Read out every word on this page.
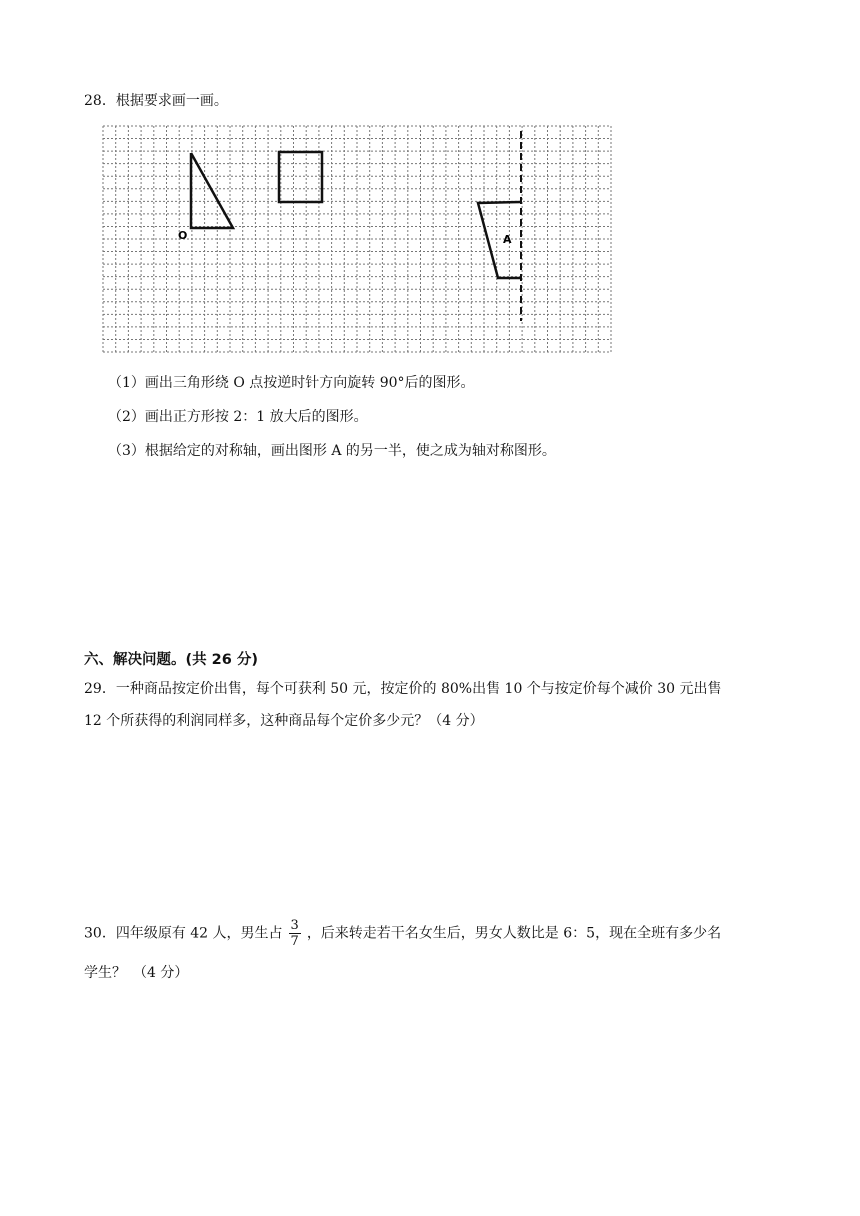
28．根据要求画一画。
O	A
（1）画出三角形绕 O 点按逆时针方向旋转 90°后的图形。
（2）画出正方形按 2：1 放大后的图形。
（3）根据给定的对称轴，画出图形 A 的另一半，使之成为轴对称图形。
六、解决问题。(共 26 分)
29．一种商品按定价出售，每个可获利 50 元，按定价的 80%出售 10 个与按定价每个减价 30 元出售
12 个所获得的利润同样多，这种商品每个定价多少元？（4 分）
30．四年级原有 42 人，男生占 $\frac{3}{7}$ ，后来转走若干名女生后，男女人数比是 6：5，现在全班有多少名
学生？　（4 分）
